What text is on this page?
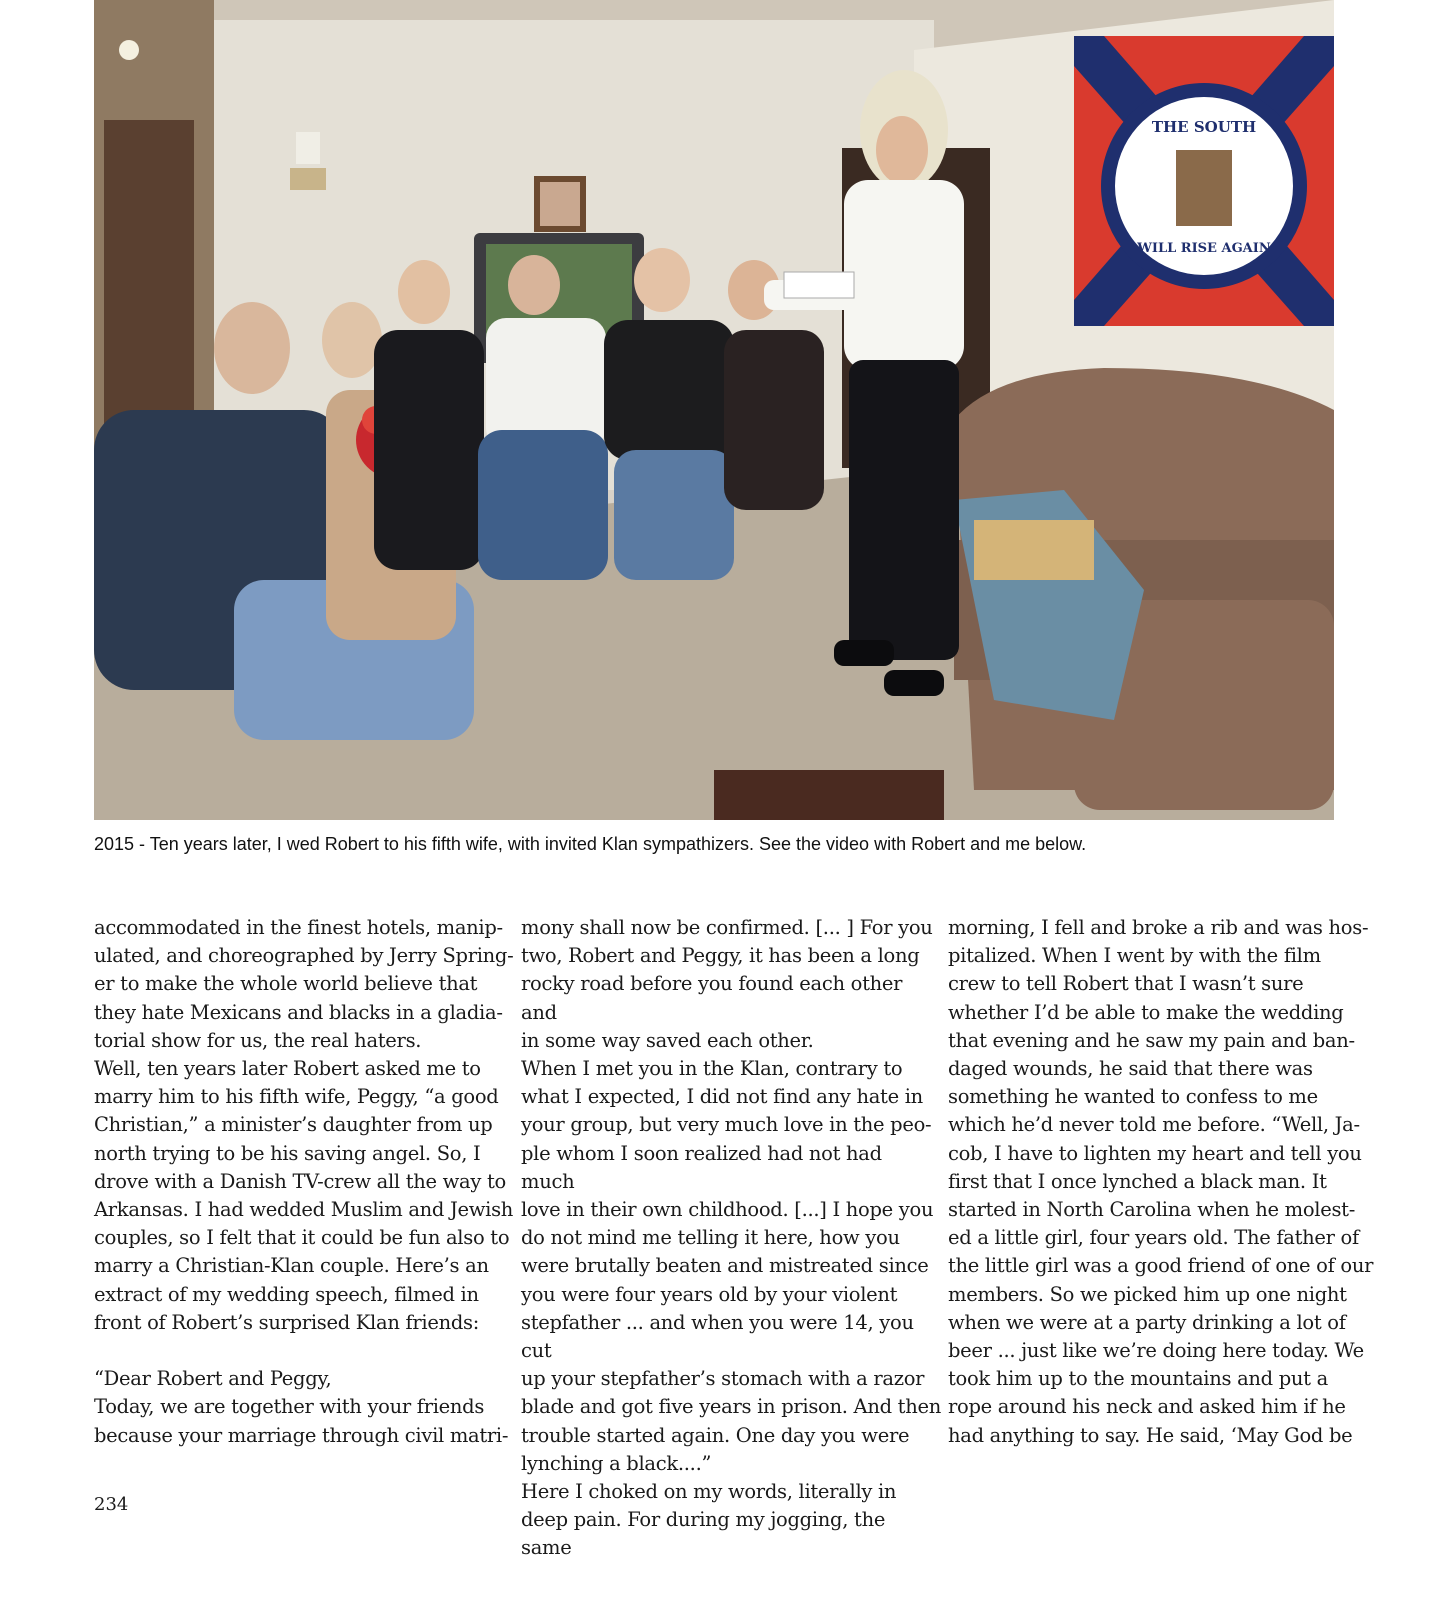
THE SOUTH
WILL RISE AGAIN
2015 - Ten years later, I wed Robert to his fifth wife, with invited Klan sympathizers. See the video with Robert and me below.
accommodated in the finest hotels, manip-
ulated, and choreographed by Jerry Spring-
er to make the whole world believe that
they hate Mexicans and blacks in a gladia-
torial show for us, the real haters.
Well, ten years later Robert asked me to
marry him to his fifth wife, Peggy, “a good
Christian,” a minister’s daughter from up
north trying to be his saving angel. So, I
drove with a Danish TV-crew all the way to
Arkansas. I had wedded Muslim and Jewish
couples, so I felt that it could be fun also to
marry a Christian-Klan couple. Here’s an
extract of my wedding speech, filmed in
front of Robert’s surprised Klan friends:

“Dear Robert and Peggy,
Today, we are together with your friends
because your marriage through civil matri-
mony shall now be confirmed. [... ] For you
two, Robert and Peggy, it has been a long
rocky road before you found each other and
in some way saved each other.
When I met you in the Klan, contrary to
what I expected, I did not find any hate in
your group, but very much love in the peo-
ple whom I soon realized had not had much
love in their own childhood. [...] I hope you
do not mind me telling it here, how you
were brutally beaten and mistreated since
you were four years old by your violent
stepfather ... and when you were 14, you cut
up your stepfather’s stomach with a razor
blade and got five years in prison. And then
trouble started again. One day you were
lynching a black....”
Here I choked on my words, literally in
deep pain. For during my jogging, the same
morning, I fell and broke a rib and was hos-
pitalized. When I went by with the film
crew to tell Robert that I wasn’t sure
whether I’d be able to make the wedding
that evening and he saw my pain and ban-
daged wounds, he said that there was
something he wanted to confess to me
which he’d never told me before. “Well, Ja-
cob, I have to lighten my heart and tell you
first that I once lynched a black man. It
started in North Carolina when he molest-
ed a little girl, four years old. The father of
the little girl was a good friend of one of our
members. So we picked him up one night
when we were at a party drinking a lot of
beer ... just like we’re doing here today. We
took him up to the mountains and put a
rope around his neck and asked him if he
had anything to say. He said, ‘May God be
234
